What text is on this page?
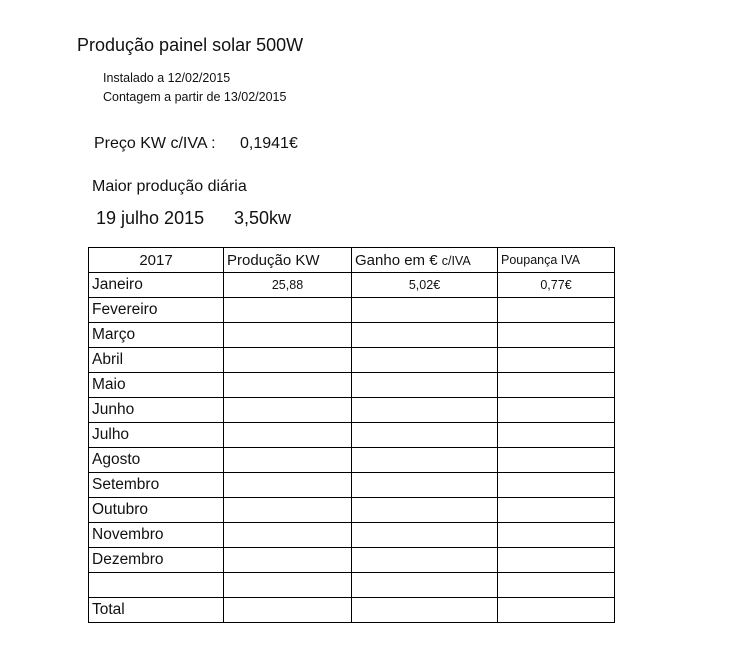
Produção painel solar 500W
Instalado a 12/02/2015
Contagem a partir de 13/02/2015
Preço KW c/IVA : 0,1941€
Maior produção diária
19 julho 2015 3,50kw
2017	Produção KW	Ganho em € c/IVA	Poupança IVA
Janeiro	25,88	5,02€	0,77€
Fevereiro			
Março			
Abril			
Maio			
Junho			
Julho			
Agosto			
Setembro			
Outubro			
Novembro			
Dezembro			

Total			
